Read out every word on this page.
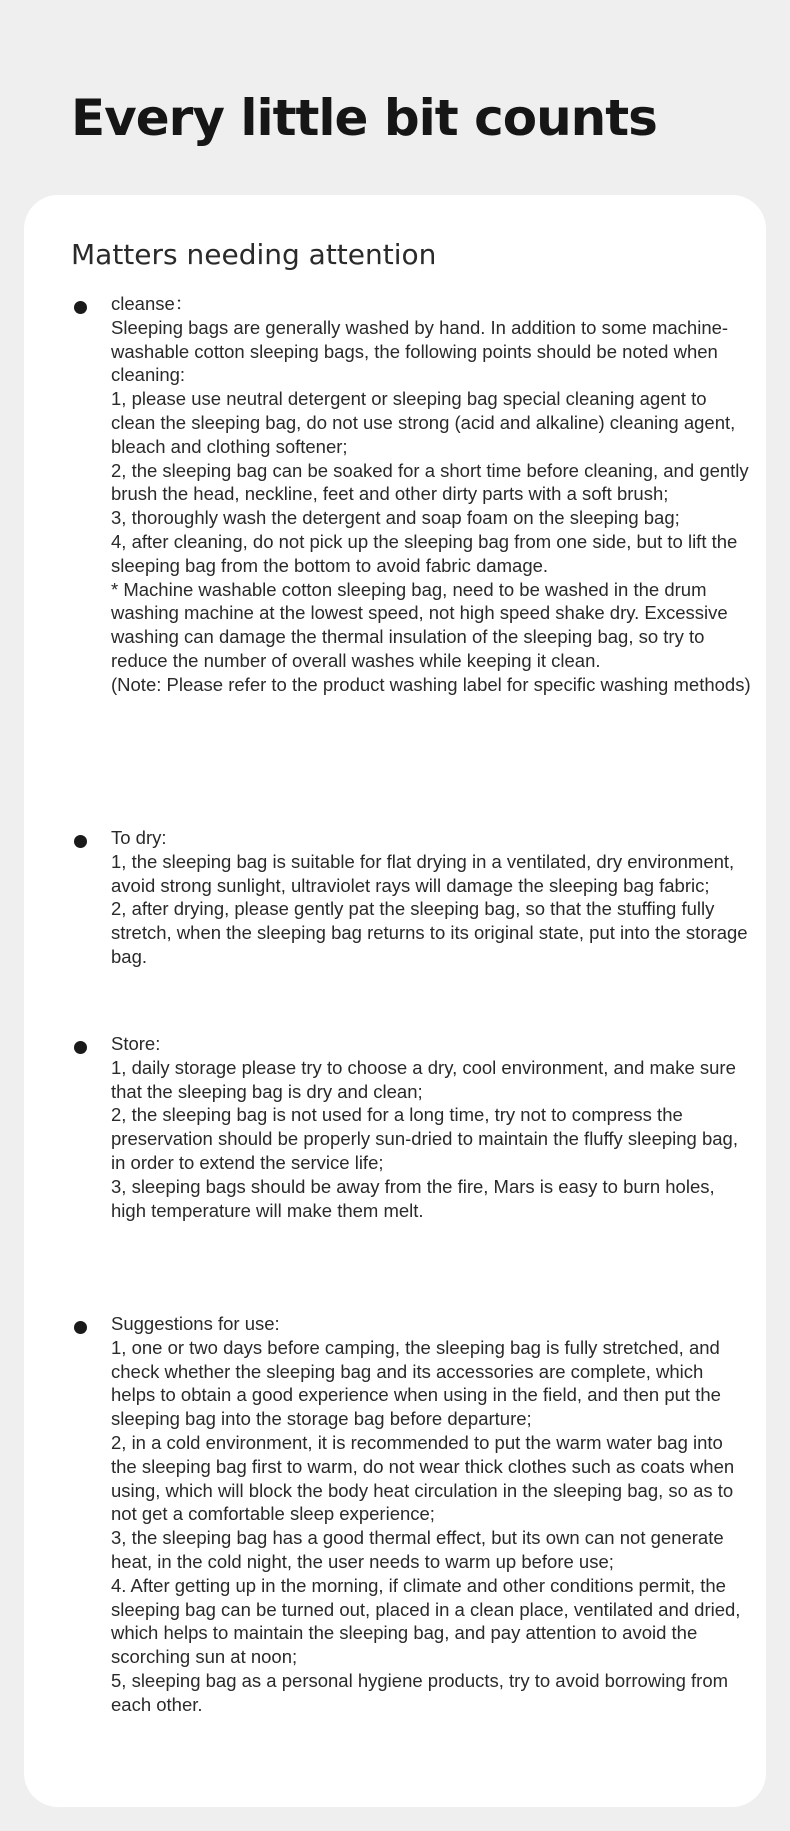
Every little bit counts
Matters needing attention
cleanse：
Sleeping bags are generally washed by hand. In addition to some machine-washable cotton sleeping bags, the following points should be noted when cleaning:
1, please use neutral detergent or sleeping bag special cleaning agent to clean the sleeping bag, do not use strong (acid and alkaline) cleaning agent, bleach and clothing softener;
2, the sleeping bag can be soaked for a short time before cleaning, and gently brush the head, neckline, feet and other dirty parts with a soft brush;
3, thoroughly wash the detergent and soap foam on the sleeping bag;
4, after cleaning, do not pick up the sleeping bag from one side, but to lift the sleeping bag from the bottom to avoid fabric damage.
* Machine washable cotton sleeping bag, need to be washed in the drum washing machine at the lowest speed, not high speed shake dry. Excessive washing can damage the thermal insulation of the sleeping bag, so try to reduce the number of overall washes while keeping it clean.
(Note: Please refer to the product washing label for specific washing methods)
To dry:
1, the sleeping bag is suitable for flat drying in a ventilated, dry environment, avoid strong sunlight, ultraviolet rays will damage the sleeping bag fabric;
2, after drying, please gently pat the sleeping bag, so that the stuffing fully stretch, when the sleeping bag returns to its original state, put into the storage bag.
Store:
1, daily storage please try to choose a dry, cool environment, and make sure that the sleeping bag is dry and clean;
2, the sleeping bag is not used for a long time, try not to compress the preservation should be properly sun-dried to maintain the fluffy sleeping bag, in order to extend the service life;
3, sleeping bags should be away from the fire, Mars is easy to burn holes, high temperature will make them melt.
Suggestions for use:
1, one or two days before camping, the sleeping bag is fully stretched, and check whether the sleeping bag and its accessories are complete, which helps to obtain a good experience when using in the field, and then put the sleeping bag into the storage bag before departure;
2, in a cold environment, it is recommended to put the warm water bag into the sleeping bag first to warm, do not wear thick clothes such as coats when using, which will block the body heat circulation in the sleeping bag, so as to not get a comfortable sleep experience;
3, the sleeping bag has a good thermal effect, but its own can not generate heat, in the cold night, the user needs to warm up before use;
4. After getting up in the morning, if climate and other conditions permit, the sleeping bag can be turned out, placed in a clean place, ventilated and dried, which helps to maintain the sleeping bag, and pay attention to avoid the scorching sun at noon;
5, sleeping bag as a personal hygiene products, try to avoid borrowing from each other.
